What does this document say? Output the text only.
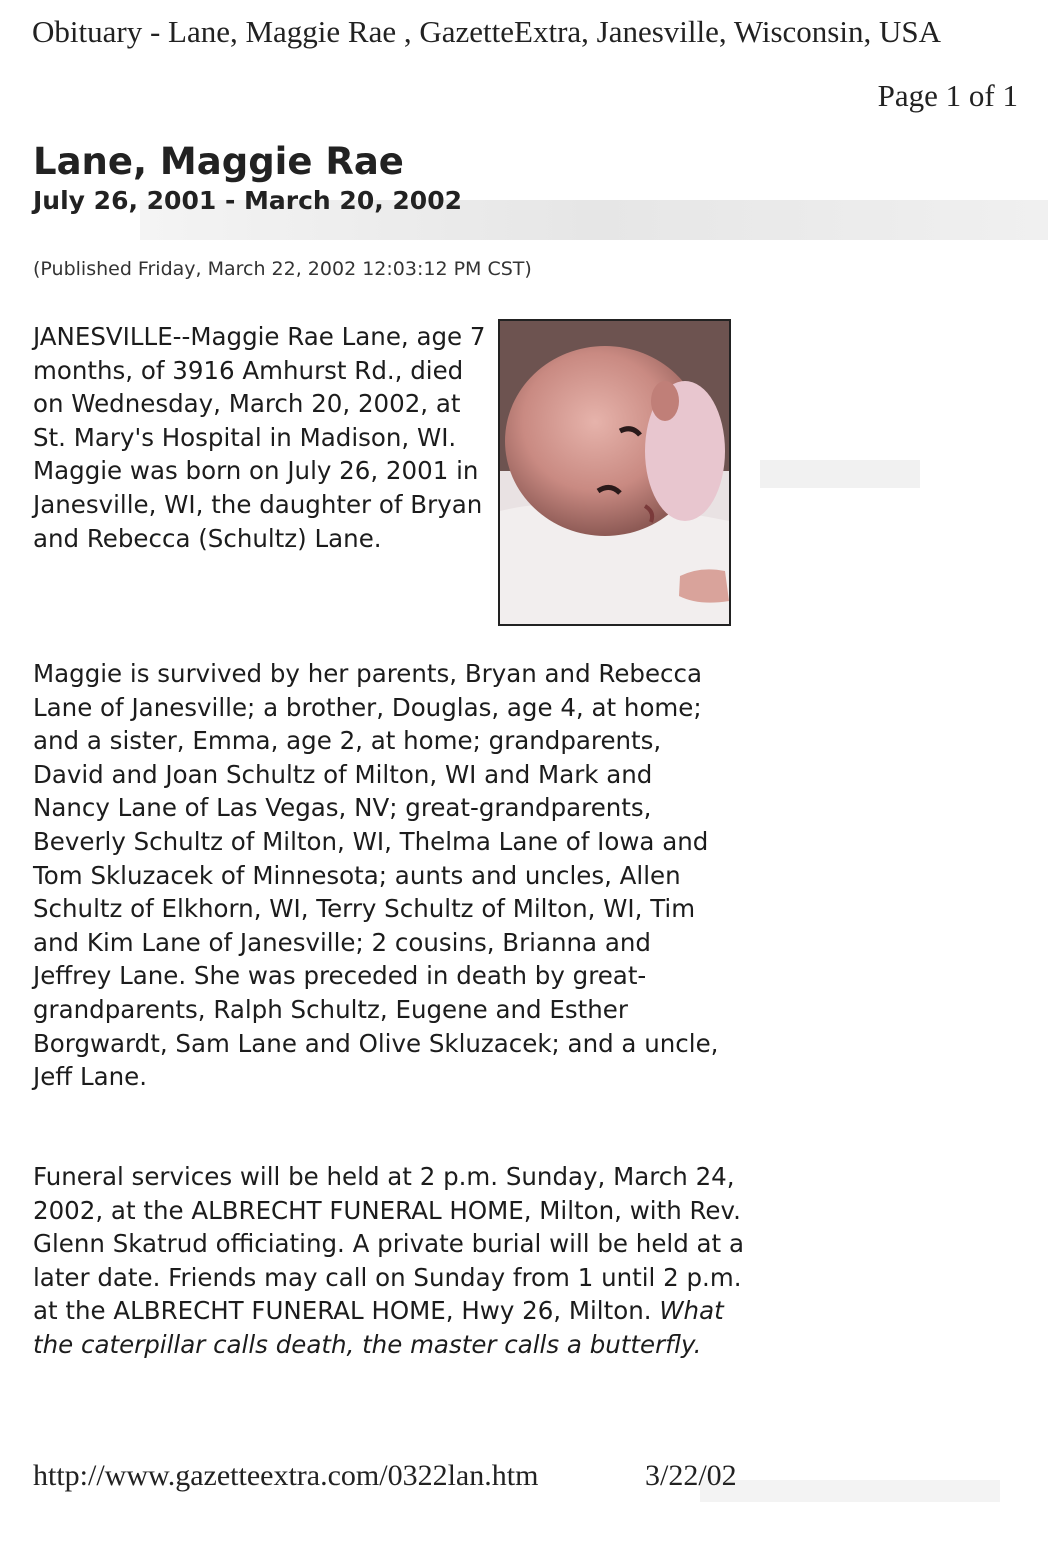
Obituary - Lane, Maggie Rae , GazetteExtra, Janesville, Wisconsin, USA
Page 1 of 1
Lane, Maggie Rae
July 26, 2001 - March 20, 2002
(Published Friday, March 22, 2002 12:03:12 PM CST)
JANESVILLE--Maggie Rae Lane, age 7 months, of 3916 Amhurst Rd., died on Wednesday, March 20, 2002, at St. Mary's Hospital in Madison, WI. Maggie was born on July 26, 2001 in Janesville, WI, the daughter of Bryan and Rebecca (Schultz) Lane.
Maggie is survived by her parents, Bryan and Rebecca Lane of Janesville; a brother, Douglas, age 4, at home; and a sister, Emma, age 2, at home; grandparents, David and Joan Schultz of Milton, WI and Mark and Nancy Lane of Las Vegas, NV; great-grandparents, Beverly Schultz of Milton, WI, Thelma Lane of Iowa and Tom Skluzacek of Minnesota; aunts and uncles, Allen Schultz of Elkhorn, WI, Terry Schultz of Milton, WI, Tim and Kim Lane of Janesville; 2 cousins, Brianna and Jeffrey Lane. She was preceded in death by great-grandparents, Ralph Schultz, Eugene and Esther Borgwardt, Sam Lane and Olive Skluzacek; and a uncle, Jeff Lane.
Funeral services will be held at 2 p.m. Sunday, March 24, 2002, at the ALBRECHT FUNERAL HOME, Milton, with Rev. Glenn Skatrud officiating. A private burial will be held at a later date. Friends may call on Sunday from 1 until 2 p.m. at the ALBRECHT FUNERAL HOME, Hwy 26, Milton. What the caterpillar calls death, the master calls a butterfly.
http://www.gazetteextra.com/0322lan.htm	3/22/02
